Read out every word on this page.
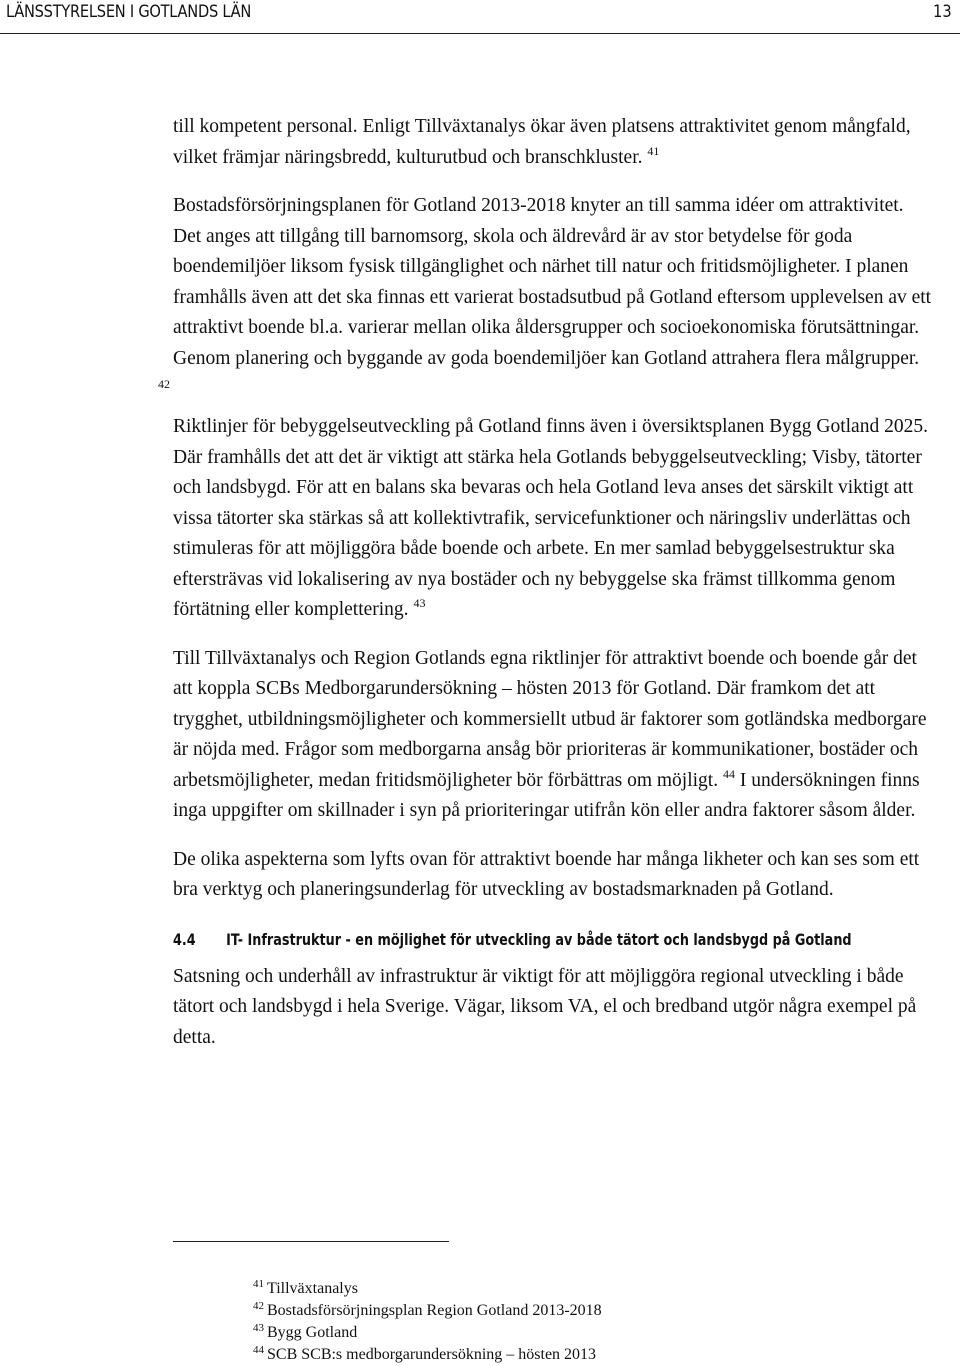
LÄNSSTYRELSEN I GOTLANDS LÄN	13

till kompetent personal. Enligt Tillväxtanalys ökar även platsens attraktivitet genom mångfald, vilket främjar näringsbredd, kulturutbud och branschkluster. $^{41}$

Bostadsförsörjningsplanen för Gotland 2013-2018 knyter an till samma idéer om attraktivitet. Det anges att tillgång till barnomsorg, skola och äldrevård är av stor betydelse för goda boendemiljöer liksom fysisk tillgänglighet och närhet till natur och fritidsmöjligheter. I planen framhålls även att det ska finnas ett varierat bostadsutbud på Gotland eftersom upplevelsen av ett attraktivt boende bl.a. varierar mellan olika åldersgrupper och socioekonomiska förutsättningar. Genom planering och byggande av goda boendemiljöer kan Gotland attrahera flera målgrupper.

42

Riktlinjer för bebyggelseutveckling på Gotland finns även i översiktsplanen Bygg Gotland 2025. Där framhålls det att det är viktigt att stärka hela Gotlands bebyggelseutveckling; Visby, tätorter och landsbygd. För att en balans ska bevaras och hela Gotland leva anses det särskilt viktigt att vissa tätorter ska stärkas så att kollektivtrafik, servicefunktioner och näringsliv underlättas och stimuleras för att möjliggöra både boende och arbete. En mer samlad bebyggelsestruktur ska eftersträvas vid lokalisering av nya bostäder och ny bebyggelse ska främst tillkomma genom förtätning eller komplettering. $^{43}$

Till Tillväxtanalys och Region Gotlands egna riktlinjer för attraktivt boende och boende går det att koppla SCBs Medborgarundersökning – hösten 2013 för Gotland. Där framkom det att trygghet, utbildningsmöjligheter och kommersiellt utbud är faktorer som gotländska medborgare är nöjda med. Frågor som medborgarna ansåg bör prioriteras är kommunikationer, bostäder och arbetsmöjligheter, medan fritidsmöjligheter bör förbättras om möjligt. $^{44}$ I undersökningen finns inga uppgifter om skillnader i syn på prioriteringar utifrån kön eller andra faktorer såsom ålder.

De olika aspekterna som lyfts ovan för attraktivt boende har många likheter och kan ses som ett bra verktyg och planeringsunderlag för utveckling av bostadsmarknaden på Gotland.

4.4 IT- Infrastruktur - en möjlighet för utveckling av både tätort och landsbygd på Gotland

Satsning och underhåll av infrastruktur är viktigt för att möjliggöra regional utveckling i både tätort och landsbygd i hela Sverige. Vägar, liksom VA, el och bredband utgör några exempel på detta.

$^{41}$ Tillväxtanalys
$^{42}$ Bostadsförsörjningsplan Region Gotland 2013-2018
$^{43}$ Bygg Gotland
$^{44}$ SCB SCB:s medborgarundersökning – hösten 2013
